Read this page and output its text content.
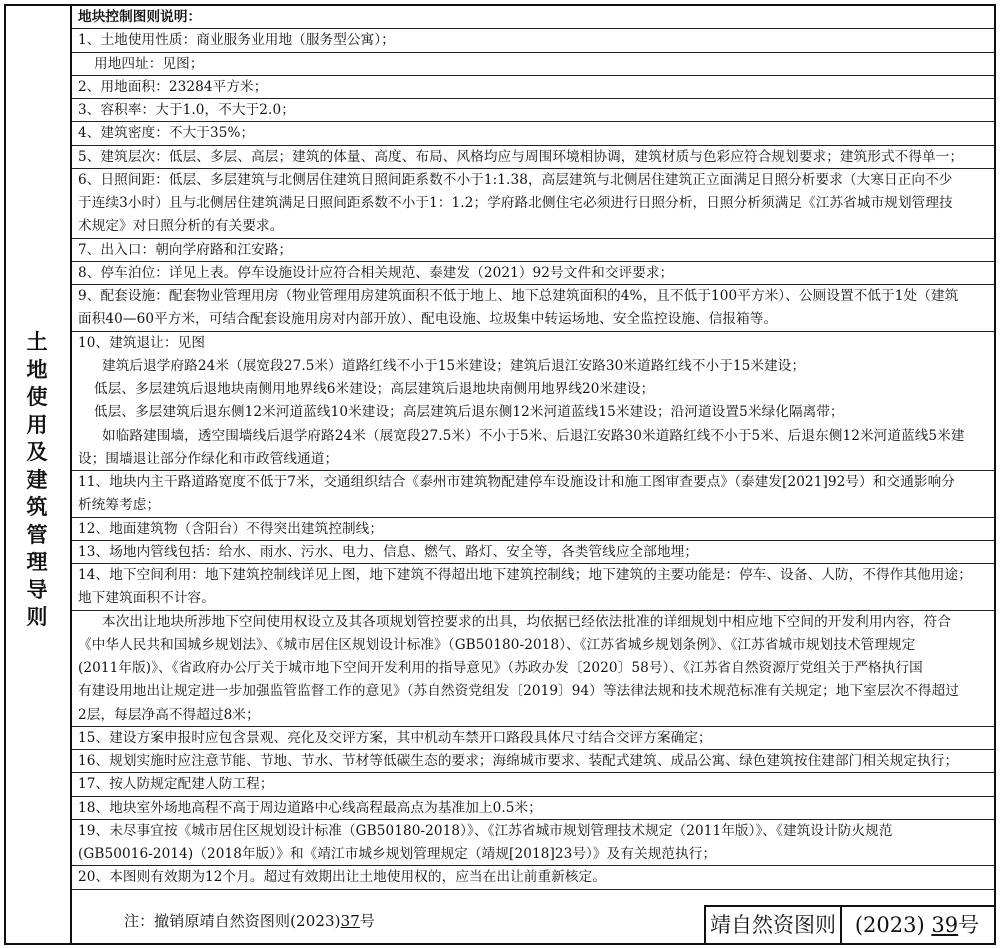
土
地
使
用
及
建
筑
管
理
导
则
地块控制图则说明：
1、土地使用性质：商业服务业用地（服务型公寓）；
用地四址：见图；
2、用地面积：23284平方米；
3、容积率：大于1.0，不大于2.0；
4、建筑密度：不大于35%；
5、建筑层次：低层、多层、高层；建筑的体量、高度、布局、风格均应与周围环境相协调，建筑材质与色彩应符合规划要求；建筑形式不得单一；
6、日照间距：低层、多层建筑与北侧居住建筑日照间距系数不小于1:1.38，高层建筑与北侧居住建筑正立面满足日照分析要求（大寒日正向不少
于连续3小时）且与北侧居住建筑满足日照间距系数不小于1：1.2；学府路北侧住宅必须进行日照分析，日照分析须满足《江苏省城市规划管理技
术规定》对日照分析的有关要求。
7、出入口：朝向学府路和江安路；
8、停车泊位：详见上表。停车设施设计应符合相关规范、泰建发（2021）92号文件和交评要求；
9、配套设施：配套物业管理用房（物业管理用房建筑面积不低于地上、地下总建筑面积的4%，且不低于100平方米）、公厕设置不低于1处（建筑
面积40—60平方米，可结合配套设施用房对内部开放）、配电设施、垃圾集中转运场地、安全监控设施、信报箱等。
10、建筑退让：见图
建筑后退学府路24米（展宽段27.5米）道路红线不小于15米建设；建筑后退江安路30米道路红线不小于15米建设；
低层、多层建筑后退地块南侧用地界线6米建设；高层建筑后退地块南侧用地界线20米建设；
低层、多层建筑后退东侧12米河道蓝线10米建设；高层建筑后退东侧12米河道蓝线15米建设；沿河道设置5米绿化隔离带；
如临路建围墙，透空围墙线后退学府路24米（展宽段27.5米）不小于5米、后退江安路30米道路红线不小于5米、后退东侧12米河道蓝线5米建
设；围墙退让部分作绿化和市政管线通道；
11、地块内主干路道路宽度不低于7米，交通组织结合《泰州市建筑物配建停车设施设计和施工图审查要点》（泰建发[2021]92号）和交通影响分
析统筹考虑；
12、地面建筑物（含阳台）不得突出建筑控制线；
13、场地内管线包括：给水、雨水、污水、电力、信息、燃气、路灯、安全等，各类管线应全部地埋；
14、地下空间利用：地下建筑控制线详见上图，地下建筑不得超出地下建筑控制线；地下建筑的主要功能是：停车、设备、人防，不得作其他用途；
地下建筑面积不计容。
本次出让地块所涉地下空间使用权设立及其各项规划管控要求的出具，均依据已经依法批准的详细规划中相应地下空间的开发利用内容，符合
《中华人民共和国城乡规划法》、《城市居住区规划设计标准》（GB50180-2018）、《江苏省城乡规划条例》、《江苏省城市规划技术管理规定
(2011年版)》、《省政府办公厅关于城市地下空间开发利用的指导意见》（苏政办发〔2020〕58号）、《江苏省自然资源厅党组关于严格执行国
有建设用地出让规定进一步加强监管监督工作的意见》（苏自然资党组发〔2019〕94）等法律法规和技术规范标准有关规定；地下室层次不得超过
2层，每层净高不得超过8米；
15、建设方案申报时应包含景观、亮化及交评方案，其中机动车禁开口路段具体尺寸结合交评方案确定；
16、规划实施时应注意节能、节地、节水、节材等低碳生态的要求；海绵城市要求、装配式建筑、成品公寓、绿色建筑按住建部门相关规定执行；
17、按人防规定配建人防工程；
18、地块室外场地高程不高于周边道路中心线高程最高点为基准加上0.5米；
19、未尽事宜按《城市居住区规划设计标准（GB50180-2018）》、《江苏省城市规划管理技术规定（2011年版）》、《建筑设计防火规范
(GB50016-2014)（2018年版）》和《靖江市城乡规划管理规定（靖规[2018]23号）》及有关规范执行；
20、本图则有效期为12个月。超过有效期出让土地使用权的，应当在出让前重新核定。
注：撤销原靖自然资图则(2023)37号	靖自然资图则 (2023) 39号
